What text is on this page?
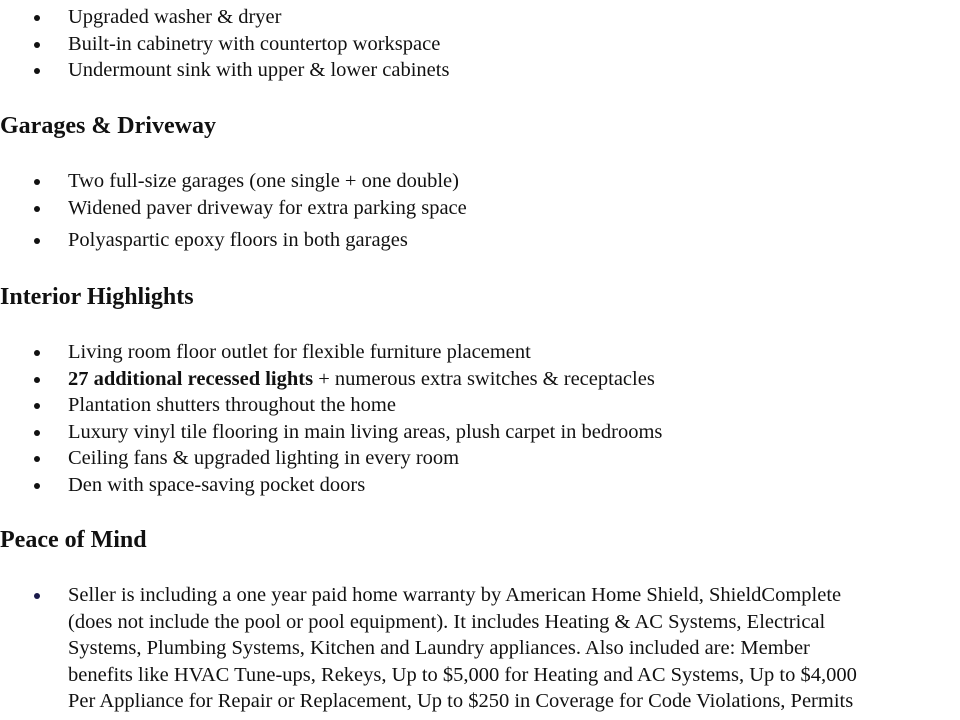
Upgraded washer & dryer
Built-in cabinetry with countertop workspace
Undermount sink with upper & lower cabinets
Garages & Driveway
Two full-size garages (one single + one double)
Widened paver driveway for extra parking space
Polyaspartic epoxy floors in both garages
Interior Highlights
Living room floor outlet for flexible furniture placement
27 additional recessed lights + numerous extra switches & receptacles
Plantation shutters throughout the home
Luxury vinyl tile flooring in main living areas, plush carpet in bedrooms
Ceiling fans & upgraded lighting in every room
Den with space-saving pocket doors
Peace of Mind
Seller is including a one year paid home warranty by American Home Shield, ShieldComplete
(does not include the pool or pool equipment). It includes Heating & AC Systems, Electrical
Systems, Plumbing Systems, Kitchen and Laundry appliances. Also included are: Member
benefits like HVAC Tune-ups, Rekeys, Up to $5,000 for Heating and AC Systems, Up to $4,000
Per Appliance for Repair or Replacement, Up to $250 in Coverage for Code Violations, Permits
